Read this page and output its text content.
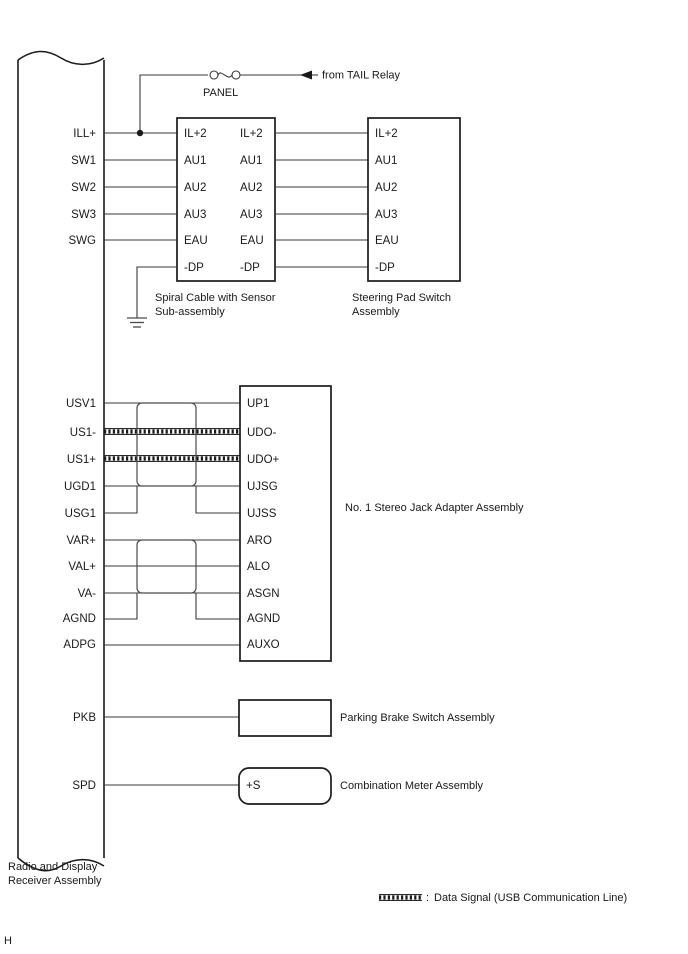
from TAIL Relay
PANEL
ILL+
SW1
SW2
SW3
SWG
IL+2
AU1
AU2
AU3
EAU
-DP
IL+2
AU1
AU2
AU3
EAU
-DP
Spiral Cable with Sensor
Sub-assembly
IL+2
AU1
AU2
AU3
EAU
-DP
Steering Pad Switch
Assembly
USV1
US1-
US1+
UGD1
USG1
VAR+
VAL+
VA-
AGND
ADPG
UP1
UDO-
UDO+
UJSG
UJSS
ARO
ALO
ASGN
AGND
AUXO
No. 1 Stereo Jack Adapter Assembly
PKB	Parking Brake Switch Assembly
SPD	+S	Combination Meter Assembly
Radio and Display
Receiver Assembly
: Data Signal (USB Communication Line)
H
